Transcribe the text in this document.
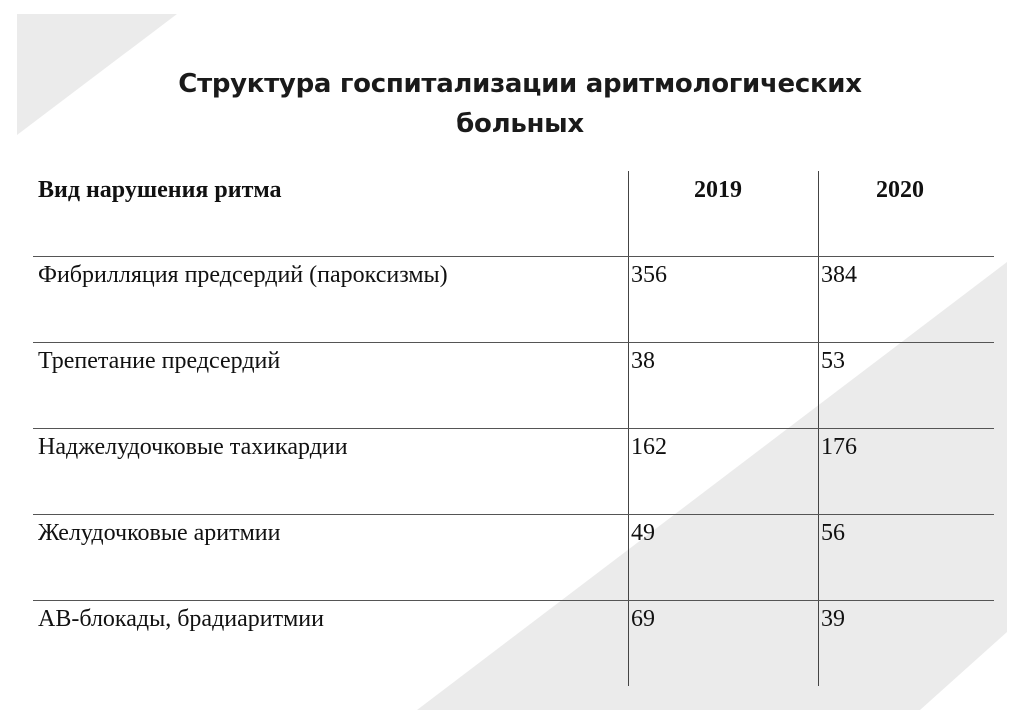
Структура госпитализации аритмологических
больных
Вид нарушения ритма	2019	2020
Фибрилляция предсердий (пароксизмы)	356	384
Трепетание предсердий	38	53
Наджелудочковые тахикардии	162	176
Желудочковые аритмии	49	56
АВ-блокады, брадиаритмии	69	39
